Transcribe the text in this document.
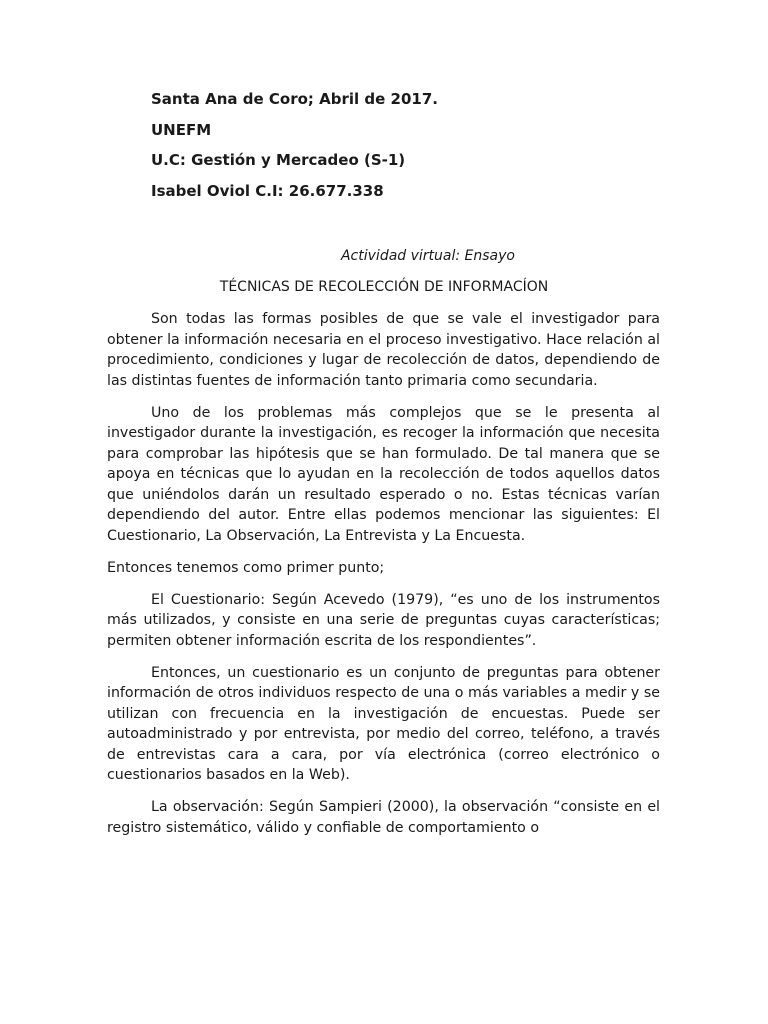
Santa Ana de Coro; Abril de 2017.
UNEFM
U.C: Gestión y Mercadeo (S-1)
Isabel Oviol C.I: 26.677.338
Actividad virtual: Ensayo
TÉCNICAS DE RECOLECCIÓN DE INFORMACÍON

Son todas las formas posibles de que se vale el investigador para obtener la información necesaria en el proceso investigativo. Hace relación al procedimiento, condiciones y lugar de recolección de datos, dependiendo de las distintas fuentes de información tanto primaria como secundaria.

Uno de los problemas más complejos que se le presenta al investigador durante la investigación, es recoger la información que necesita para comprobar las hipótesis que se han formulado. De tal manera que se apoya en técnicas que lo ayudan en la recolección de todos aquellos datos que uniéndolos darán un resultado esperado o no. Estas técnicas varían dependiendo del autor. Entre ellas podemos mencionar las siguientes: El Cuestionario, La Observación, La Entrevista y La Encuesta.

Entonces tenemos como primer punto;

El Cuestionario: Según Acevedo (1979), “es uno de los instrumentos más utilizados, y consiste en una serie de preguntas cuyas características; permiten obtener información escrita de los respondientes”.

Entonces, un cuestionario es un conjunto de preguntas para obtener información de otros individuos respecto de una o más variables a medir y se utilizan con frecuencia en la investigación de encuestas. Puede ser autoadministrado y por entrevista, por medio del correo, teléfono, a través de entrevistas cara a cara, por vía electrónica (correo electrónico o cuestionarios basados en la Web).

La observación: Según Sampieri (2000), la observación “consiste en el registro sistemático, válido y confiable de comportamiento o
